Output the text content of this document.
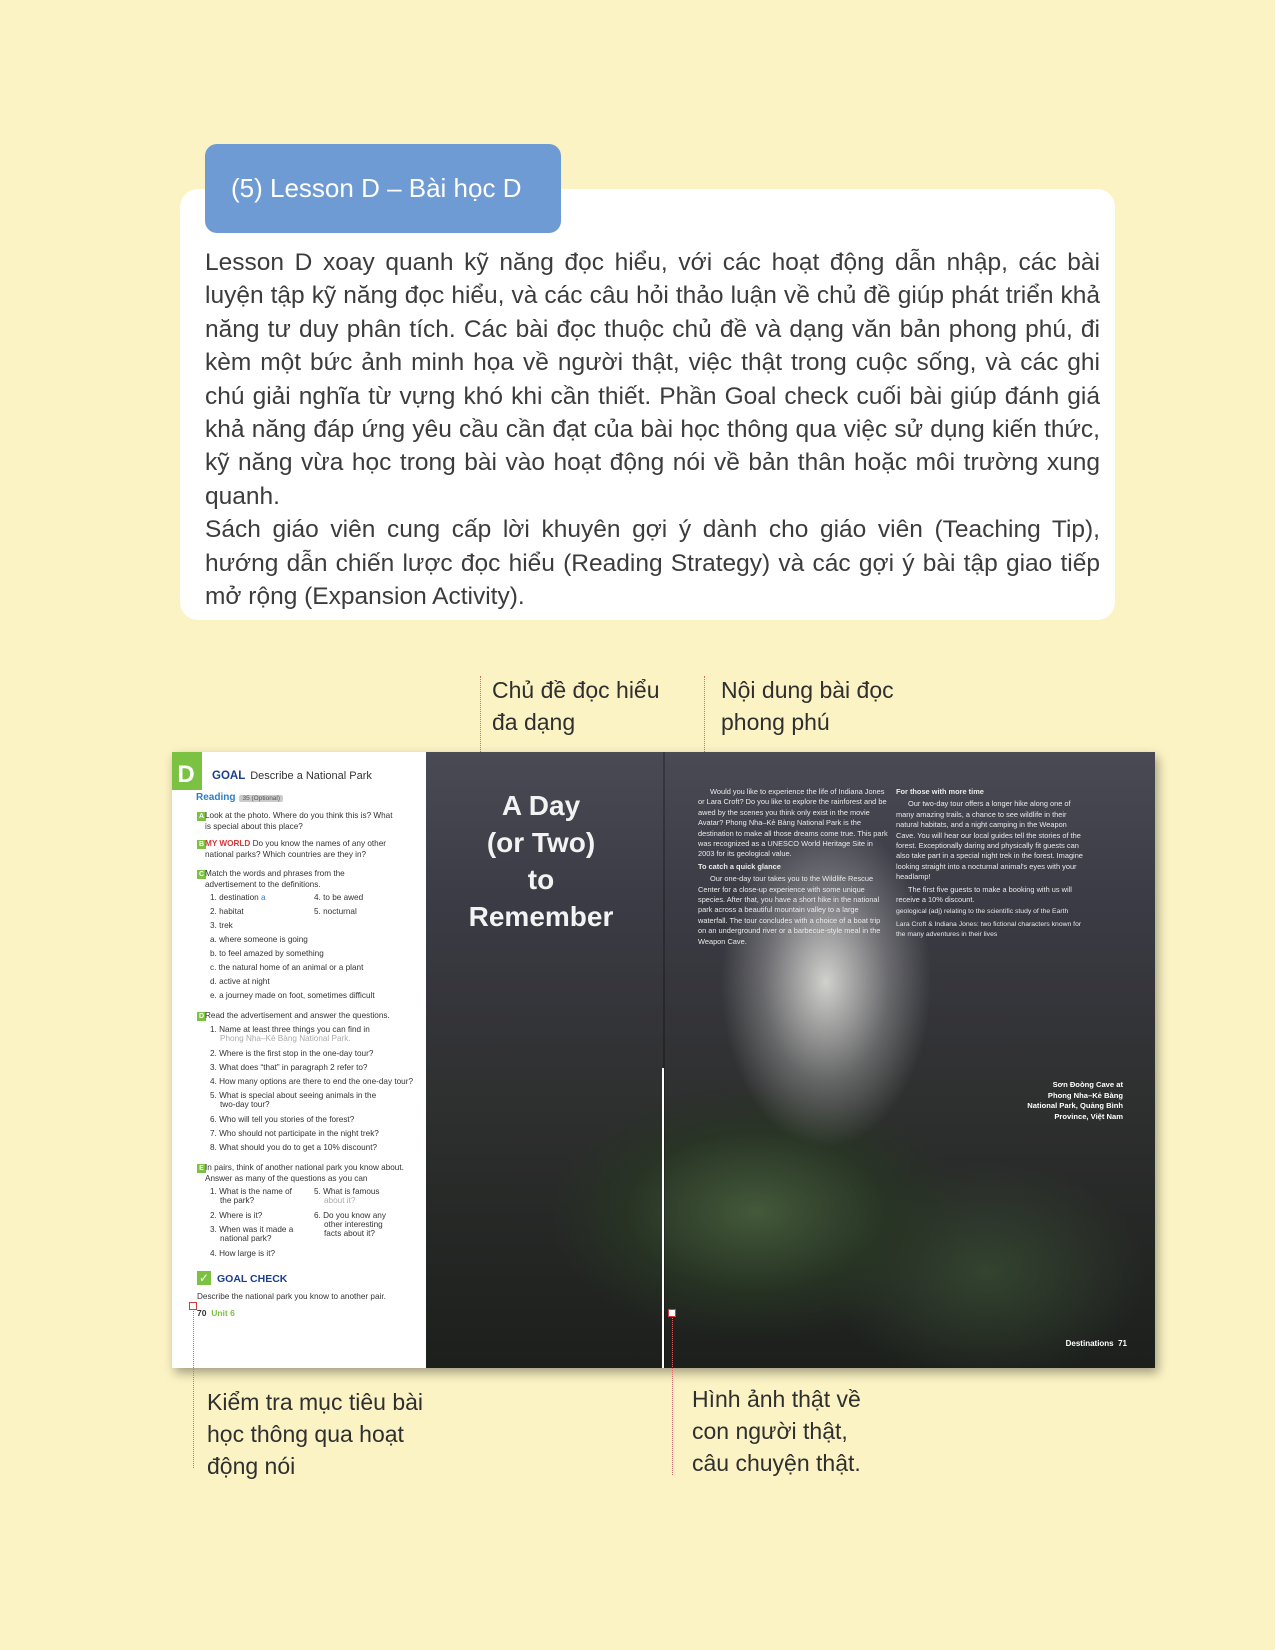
(5) Lesson D – Bài học D

Lesson D xoay quanh kỹ năng đọc hiểu, với các hoạt động dẫn nhập, các bài luyện tập kỹ năng đọc hiểu, và các câu hỏi thảo luận về chủ đề giúp phát triển khả năng tư duy phân tích. Các bài đọc thuộc chủ đề và dạng văn bản phong phú, đi kèm một bức ảnh minh họa về người thật, việc thật trong cuộc sống, và các ghi chú giải nghĩa từ vựng khó khi cần thiết. Phần Goal check cuối bài giúp đánh giá khả năng đáp ứng yêu cầu cần đạt của bài học thông qua việc sử dụng kiến thức, kỹ năng vừa học trong bài vào hoạt động nói về bản thân hoặc môi trường xung quanh.

Sách giáo viên cung cấp lời khuyên gợi ý dành cho giáo viên (Teaching Tip), hướng dẫn chiến lược đọc hiểu (Reading Strategy) và các gợi ý bài tập giao tiếp mở rộng (Expansion Activity).

Chủ đề đọc hiểu
đa dạng
Nội dung bài đọc
phong phú
D	GOAL Describe a National Park
Reading 35 (Optional)
A Look at the photo. Where do you think this is? What
is special about this place?
B MY WORLD Do you know the names of any other
national parks? Which countries are they in?
C Match the words and phrases from the
advertisement to the definitions.
1. destination a
2. habitat
3. trek
4. to be awed
5. nocturnal
a. where someone is going
b. to feel amazed by something
c. the natural home of an animal or a plant
d. active at night
e. a journey made on foot, sometimes difficult
D Read the advertisement and answer the questions.
1. Name at least three things you can find in
Phong Nha–Kẻ Bàng National Park.
2. Where is the first stop in the one-day tour?
3. What does “that” in paragraph 2 refer to?
4. How many options are there to end the one-day tour?
5. What is special about seeing animals in the
two-day tour?
6. Who will tell you stories of the forest?
7. Who should not participate in the night trek?
8. What should you do to get a 10% discount?
E In pairs, think of another national park you know about.
Answer as many of the questions as you can
1. What is the name of
the park?
2. Where is it?
3. When was it made a
national park?
4. How large is it?
5. What is famous
about it?
6. Do you know any
other interesting
facts about it?
✓ GOAL CHECK
Describe the national park you know to another pair.
70 Unit 6
A Day
(or Two)
to
Remember

Would you like to experience the life of Indiana Jones or Lara Croft? Do you like to explore the rainforest and be awed by the scenes you think only exist in the movie Avatar? Phong Nha–Kẻ Bàng National Park is the destination to make all those dreams come true. This park was recognized as a UNESCO World Heritage Site in 2003 for its geological value.

To catch a quick glance

Our one-day tour takes you to the Wildlife Rescue Center for a close-up experience with some unique species. After that, you have a short hike in the national park across a beautiful mountain valley to a large waterfall. The tour concludes with a choice of a boat trip on an underground river or a barbecue-style meal in the Weapon Cave.

For those with more time

Our two-day tour offers a longer hike along one of many amazing trails, a chance to see wildlife in their natural habitats, and a night camping in the Weapon Cave. You will hear our local guides tell the stories of the forest. Exceptionally daring and physically fit guests can also take part in a special night trek in the forest. Imagine looking straight into a nocturnal animal's eyes with your headlamp!

The first five guests to make a booking with us will receive a 10% discount.

geological (adj) relating to the scientific study of the Earth

Lara Croft & Indiana Jones: two fictional characters known for the many adventures in their lives

Sơn Đoòng Cave at
Phong Nha–Kẻ Bàng
National Park, Quảng Bình
Province, Việt Nam
Destinations 71
Kiểm tra mục tiêu bài
học thông qua hoạt
động nói
Hình ảnh thật về
con người thật,
câu chuyện thật.
